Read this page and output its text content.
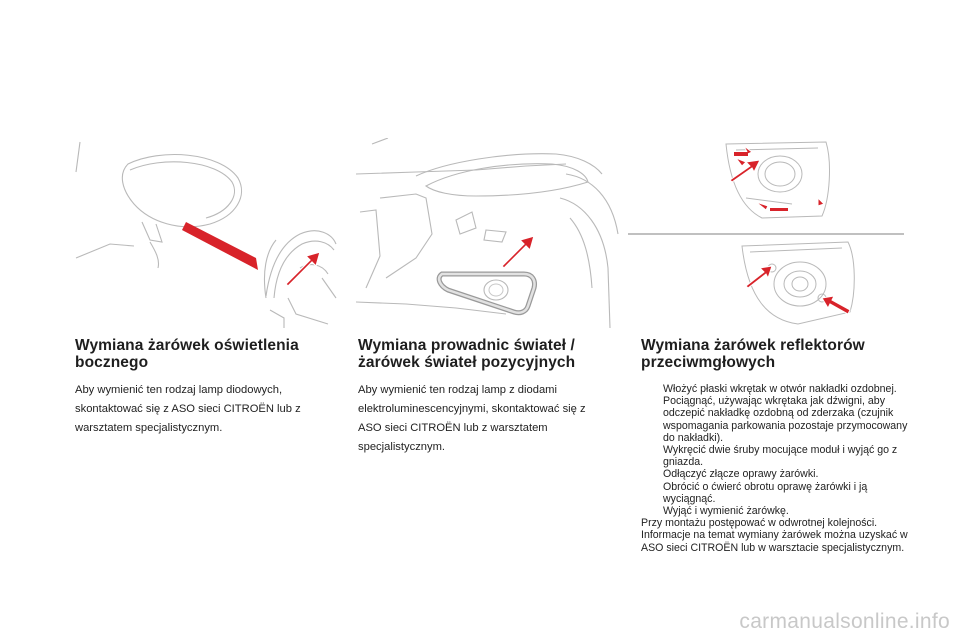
Wymiana żarówek oświetlenia
bocznego

Aby wymienić ten rodzaj lamp diodowych, skontaktować się z ASO sieci CITROËN lub z warsztatem specjalistycznym.

Wymiana prowadnic świateł /
żarówek świateł pozycyjnych

Aby wymienić ten rodzaj lamp z diodami elektroluminescencyjnymi, skontaktować się z ASO sieci CITROËN lub z warsztatem specjalistycznym.

Wymiana żarówek reflektorów
przeciwmgłowych
Włożyć płaski wkrętak w otwór nakładki ozdobnej.
Pociągnąć, używając wkrętaka jak dźwigni, aby odczepić nakładkę ozdobną od zderzaka (czujnik wspomagania parkowania pozostaje przymocowany do nakładki).
Wykręcić dwie śruby mocujące moduł i wyjąć go z gniazda.
Odłączyć złącze oprawy żarówki.
Obrócić o ćwierć obrotu oprawę żarówki i ją wyciągnąć.
Wyjąć i wymienić żarówkę.

Przy montażu postępować w odwrotnej kolejności.

Informacje na temat wymiany żarówek można uzyskać w ASO sieci CITROËN lub w warsztacie specjalistycznym.

carmanualsonline.info
